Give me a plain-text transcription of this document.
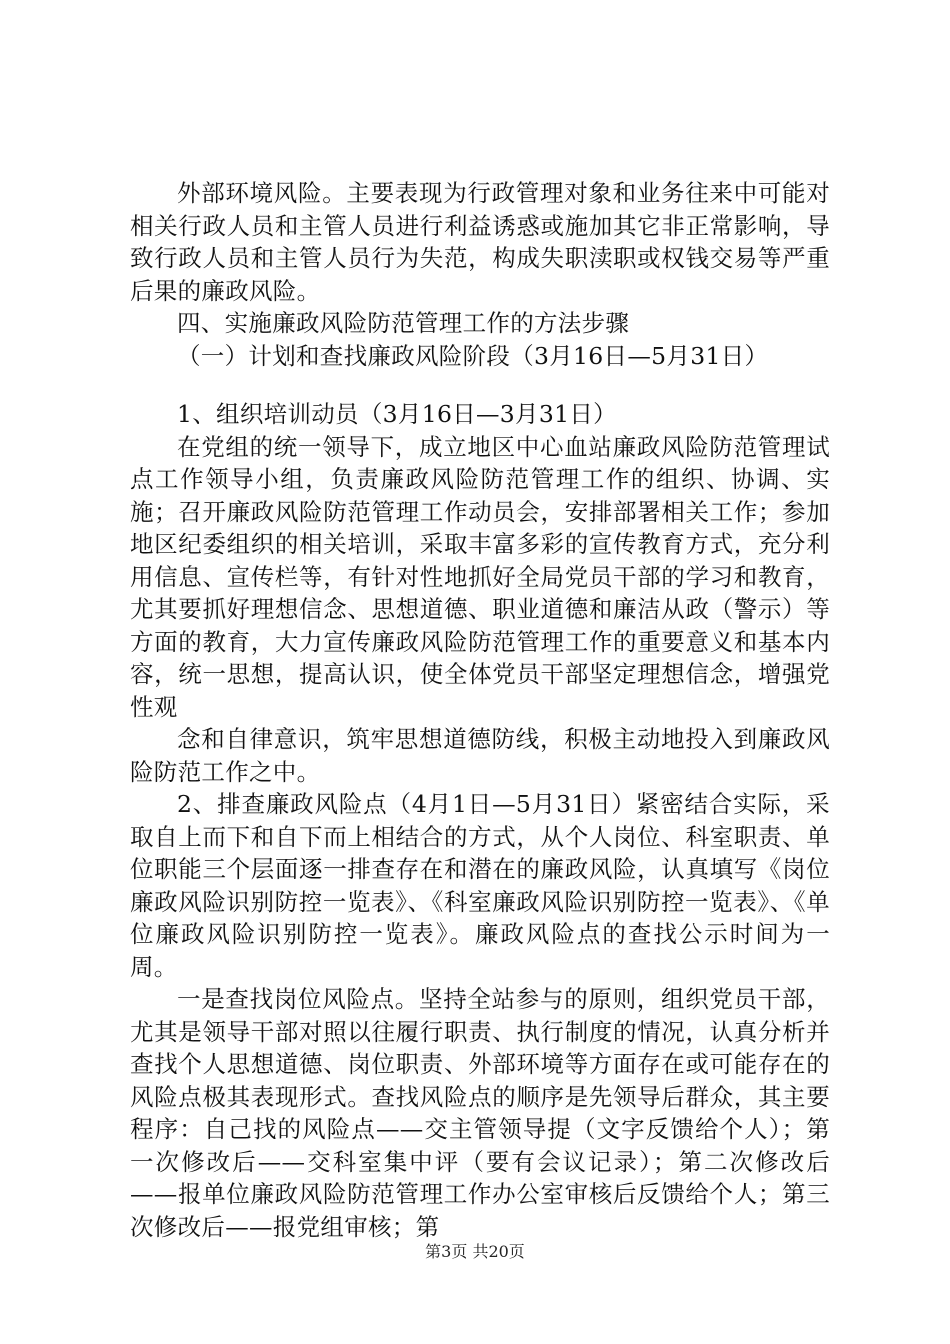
外部环境风险。主要表现为行政管理对象和业务往来中可能对相关行政人员和主管人员进行利益诱惑或施加其它非正常影响，导致行政人员和主管人员行为失范，构成失职渎职或权钱交易等严重后果的廉政风险。

四、实施廉政风险防范管理工作的方法步骤

（一）计划和查找廉政风险阶段（3月16日—5月31日）

1、组织培训动员（3月16日—3月31日）

在党组的统一领导下，成立地区中心血站廉政风险防范管理试点工作领导小组，负责廉政风险防范管理工作的组织、协调、实施；召开廉政风险防范管理工作动员会，安排部署相关工作；参加地区纪委组织的相关培训，采取丰富多彩的宣传教育方式，充分利用信息、宣传栏等，有针对性地抓好全局党员干部的学习和教育，尤其要抓好理想信念、思想道德、职业道德和廉洁从政（警示）等方面的教育，大力宣传廉政风险防范管理工作的重要意义和基本内容，统一思想，提高认识，使全体党员干部坚定理想信念，增强党性观

念和自律意识，筑牢思想道德防线，积极主动地投入到廉政风险防范工作之中。

2、排查廉政风险点（4月1日—5月31日）紧密结合实际，采取自上而下和自下而上相结合的方式，从个人岗位、科室职责、单位职能三个层面逐一排查存在和潜在的廉政风险，认真填写《岗位廉政风险识别防控一览表》、《科室廉政风险识别防控一览表》、《单位廉政风险识别防控一览表》。廉政风险点的查找公示时间为一周。

一是查找岗位风险点。坚持全站参与的原则，组织党员干部，尤其是领导干部对照以往履行职责、执行制度的情况，认真分析并查找个人思想道德、岗位职责、外部环境等方面存在或可能存在的风险点极其表现形式。查找风险点的顺序是先领导后群众，其主要程序：自己找的风险点——交主管领导提（文字反馈给个人）；第一次修改后——交科室集中评（要有会议记录）；第二次修改后——报单位廉政风险防范管理工作办公室审核后反馈给个人；第三次修改后——报党组审核；第

第3页 共20页
